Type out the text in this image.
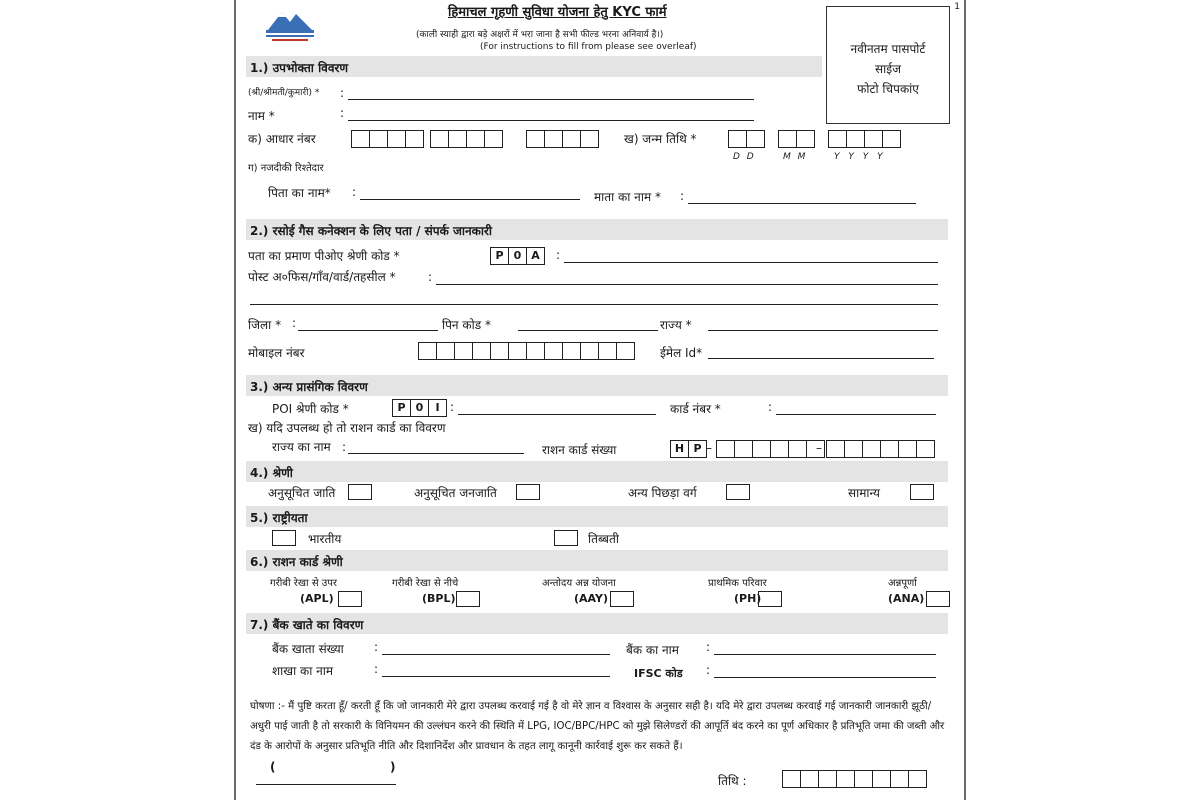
1
हिमाचल गृहणी सुविधा योजना हेतु KYC फार्म
(काली स्याही द्वारा बड़े अक्षरों में भरा जाना है सभी फील्ड भरना अनिवार्य है।)
(For instructions to fill from please see overleaf)	नवीनतम पासपोर्ट
साईज
फोटो चिपकांए
1.) उपभोक्ता विवरण
(श्री/श्रीमती/कुमारी) * :
नाम *	:
क) आधार नंबर	ख) जन्म तिथि *
D D	M M	Y Y Y Y
ग) नजदीकी रिश्तेदार
पिता का नाम* :	माता का नाम * :
2.) रसोई गैस कनेक्शन के लिए पता / संपर्क जानकारी
पता का प्रमाण पीओए श्रेणी कोड *	P 0 A	:
पोस्ट अ०फिस/गाँव/वार्ड/तहसील *	:
जिला * :	पिन कोड *	राज्य *
मोबाइल नंबर	ईमेल Id*
3.) अन्य प्रासंगिक विवरण
POI श्रेणी कोड *	P 0	I :	कार्ड नंबर *	:
ख) यदि उपलब्ध हो तो राशन कार्ड का विवरण
राज्य का नाम :	राशन कार्ड संख्या	H P –	–
4.) श्रेणी
अनुसूचित जाति	अनुसूचित जनजाति	अन्य पिछड़ा वर्ग	सामान्य
5.) राष्ट्रीयता
भारतीय	तिब्बती
6.) राशन कार्ड श्रेणी
गरीबी रेखा से उपर
(APL)
गरीबी रेखा से नीचे
(BPL)
अन्तोदय अन्न योजना
(AAY)
प्राथमिक परिवार
(PH)
अन्नपूर्णा
(ANA)
7.) बैंक खाते का विवरण
बैंक खाता संख्या	:	बैंक का नाम :
शाखा का नाम	:	IFSC कोड :
घोषणा :- मैं पुष्टि करता हूँ/ करती हूँ कि जो जानकारी मेरे द्वारा उपलब्ध करवाई गई है वो मेरे ज्ञान व विश्वास के अनुसार सही है। यदि मेरे द्वारा उपलब्ध करवाई गई जानकारी जानकारी झूठी/ अधुरी पाई जाती है तो सरकारी के विनियमन की उल्लंघन करने की स्थिति में LPG, IOC/BPC/HPC को मुझे सिलेण्डरों की आपूर्ति बंद करने का पूर्ण अधिकार है प्रतिभूति जमा की जब्ती और दंड के आरोपों के अनुसार प्रतिभूति नीति और दिशानिर्देश और प्रावधान के तहत लागू कानूनी कार्रवाई शुरू कर सकते हैं।
(	)
तिथि :
